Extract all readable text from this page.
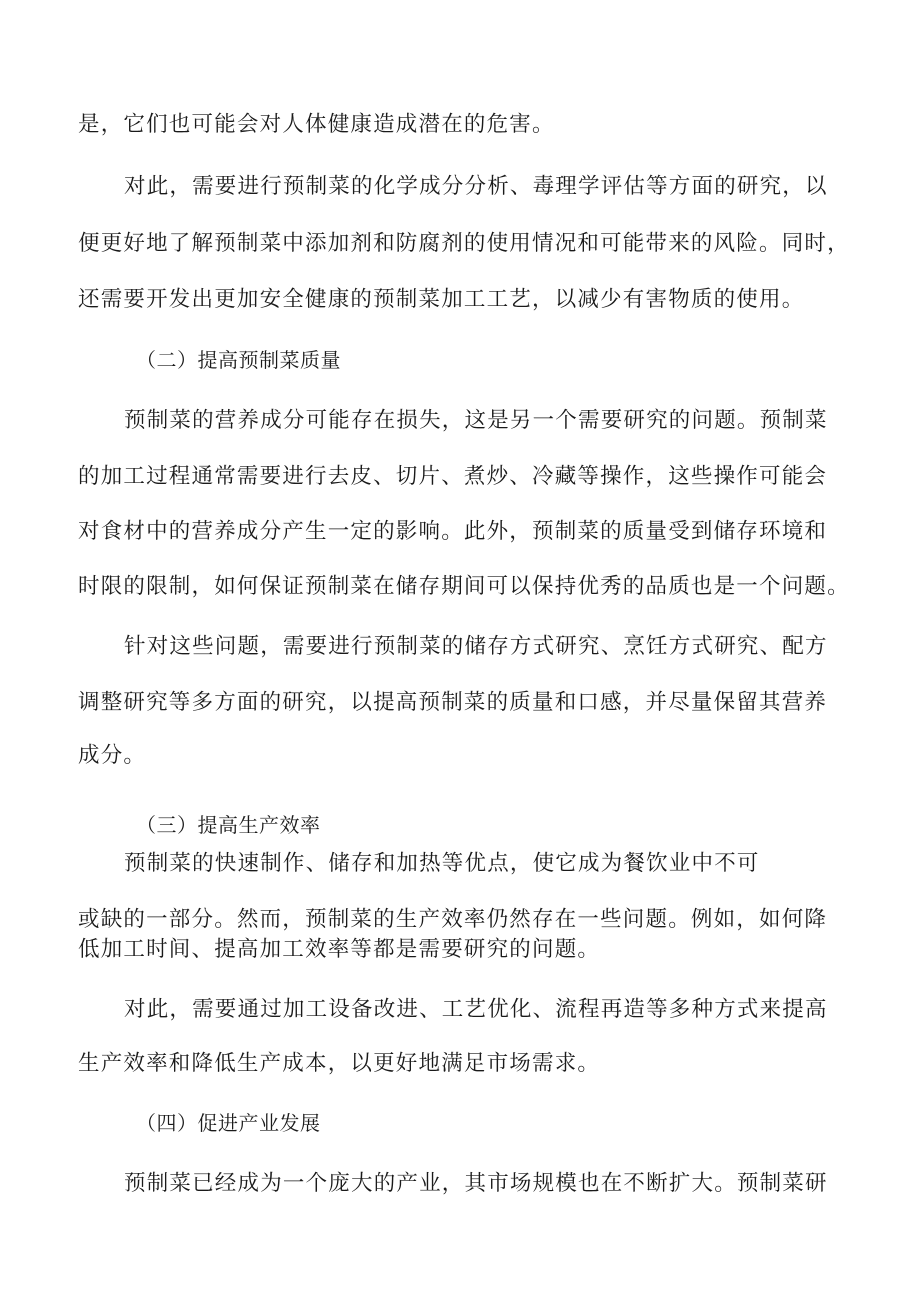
是，它们也可能会对人体健康造成潜在的危害。
对此，需要进行预制菜的化学成分分析、毒理学评估等方面的研究，以
便更好地了解预制菜中添加剂和防腐剂的使用情况和可能带来的风险。同时，
还需要开发出更加安全健康的预制菜加工工艺，以减少有害物质的使用。
（二）提高预制菜质量
预制菜的营养成分可能存在损失，这是另一个需要研究的问题。预制菜
的加工过程通常需要进行去皮、切片、煮炒、冷藏等操作，这些操作可能会
对食材中的营养成分产生一定的影响。此外，预制菜的质量受到储存环境和
时限的限制，如何保证预制菜在储存期间可以保持优秀的品质也是一个问题。
针对这些问题，需要进行预制菜的储存方式研究、烹饪方式研究、配方
调整研究等多方面的研究，以提高预制菜的质量和口感，并尽量保留其营养
成分。
（三）提高生产效率
预制菜的快速制作、储存和加热等优点，使它成为餐饮业中不可
或缺的一部分。然而，预制菜的生产效率仍然存在一些问题。例如，如何降
低加工时间、提高加工效率等都是需要研究的问题。
对此，需要通过加工设备改进、工艺优化、流程再造等多种方式来提高
生产效率和降低生产成本，以更好地满足市场需求。
（四）促进产业发展
预制菜已经成为一个庞大的产业，其市场规模也在不断扩大。预制菜研
